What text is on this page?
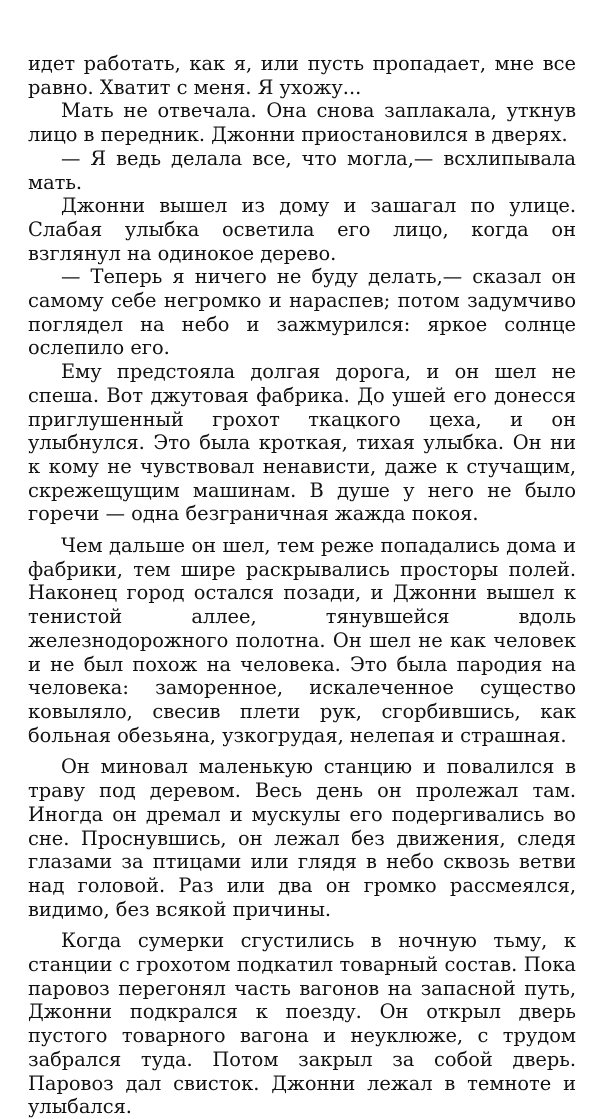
идет работать, как я, или пусть пропадает, мне все равно. Хватит с меня. Я ухожу...

Мать не отвечала. Она снова заплакала, уткнув лицо в передник. Джонни приостановился в дверях.

— Я ведь делала все, что могла,— всхлипывала мать.

Джонни вышел из дому и зашагал по улице. Слабая улыбка осветила его лицо, когда он взглянул на одинокое дерево.

— Теперь я ничего не буду делать,— сказал он самому себе негромко и нараспев; потом задумчиво поглядел на небо и зажмурился: яркое солнце ослепило его.

Ему предстояла долгая дорога, и он шел не спеша. Вот джутовая фабрика. До ушей его донесся приглушенный грохот ткацкого цеха, и он улыбнулся. Это была кроткая, тихая улыбка. Он ни к кому не чувствовал ненависти, даже к стучащим, скрежещущим машинам. В душе у него не было горечи — одна безграничная жажда покоя.

Чем дальше он шел, тем реже попадались дома и фабрики, тем шире раскрывались просторы полей. Наконец город остался позади, и Джонни вышел к тенистой аллее, тянувшейся вдоль железнодорожного полотна. Он шел не как человек и не был похож на человека. Это была пародия на человека: заморенное, искалеченное существо ковыляло, свесив плети рук, сгорбившись, как больная обезьяна, узкогрудая, нелепая и страшная.

Он миновал маленькую станцию и повалился в траву под деревом. Весь день он пролежал там. Иногда он дремал и мускулы его подергивались во сне. Проснувшись, он лежал без движения, следя глазами за птицами или глядя в небо сквозь ветви над головой. Раз или два он громко рассмеялся, видимо, без всякой причины.

Когда сумерки сгустились в ночную тьму, к станции с грохотом подкатил товарный состав. Пока паровоз перегонял часть вагонов на запасной путь, Джонни подкрался к поезду. Он открыл дверь пустого товарного вагона и неуклюже, с трудом забрался туда. Потом закрыл за собой дверь. Паровоз дал свисток. Джонни лежал в темноте и улыбался.
